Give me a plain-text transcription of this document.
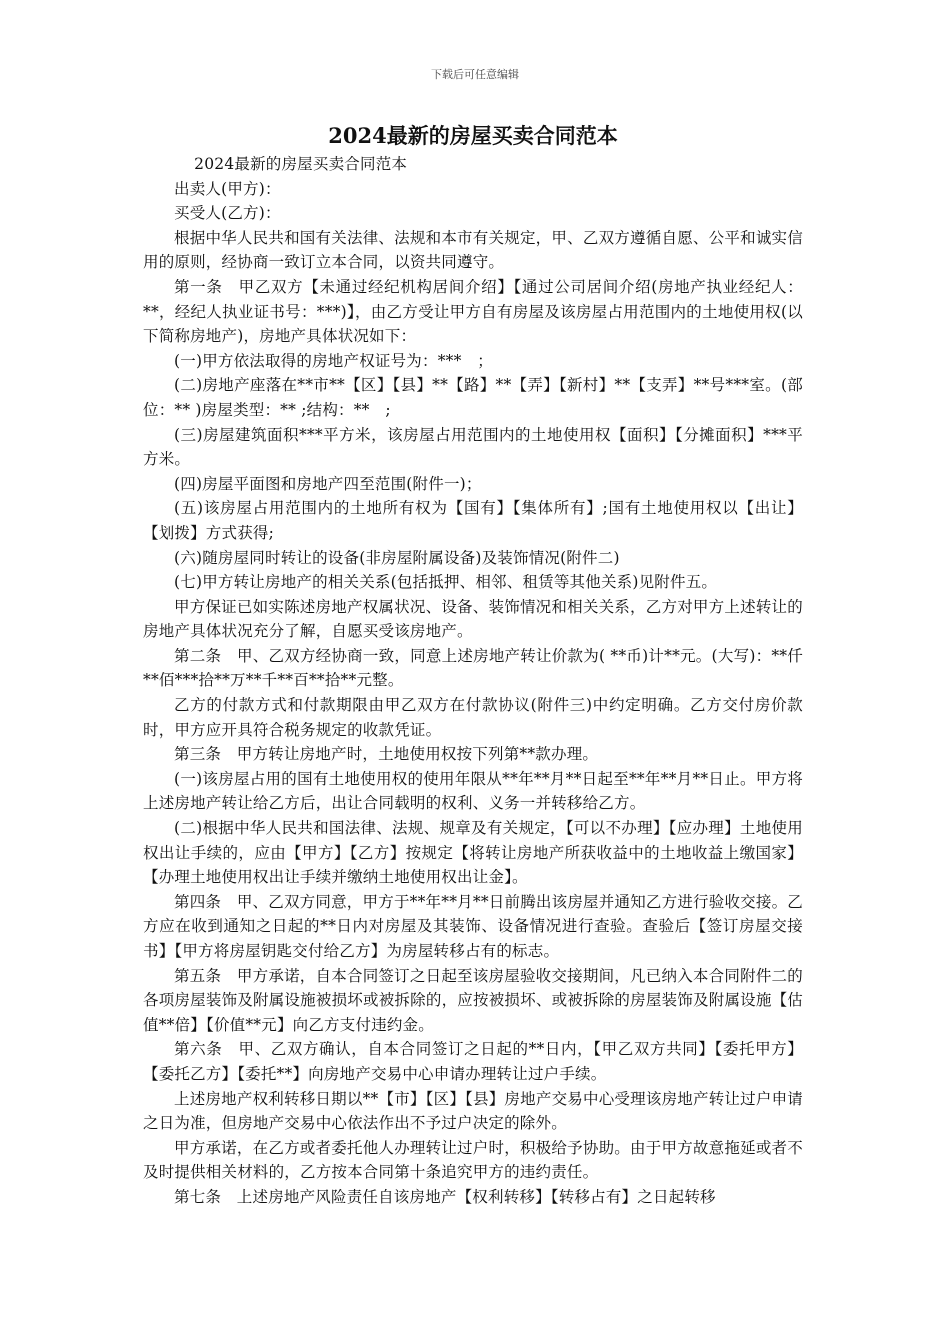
下载后可任意编辑
2024最新的房屋买卖合同范本

2024最新的房屋买卖合同范本

出卖人(甲方)：

买受人(乙方)：

根据中华人民共和国有关法律、法规和本市有关规定，甲、乙双方遵循自愿、公平和诚实信用的原则，经协商一致订立本合同，以资共同遵守。

第一条　甲乙双方【未通过经纪机构居间介绍】【通过公司居间介绍(房地产执业经纪人：**，经纪人执业证书号：***)】，由乙方受让甲方自有房屋及该房屋占用范围内的土地使用权(以下简称房地产)，房地产具体状况如下：

(一)甲方依法取得的房地产权证号为：***　；

(二)房地产座落在**市**【区】【县】**【路】**【弄】【新村】**【支弄】**号***室。(部位：** )房屋类型：** ;结构：**　;

(三)房屋建筑面积***平方米，该房屋占用范围内的土地使用权【面积】【分摊面积】***平方米。

(四)房屋平面图和房地产四至范围(附件一)；

(五)该房屋占用范围内的土地所有权为【国有】【集体所有】;国有土地使用权以【出让】【划拨】方式获得;

(六)随房屋同时转让的设备(非房屋附属设备)及装饰情况(附件二)

(七)甲方转让房地产的相关关系(包括抵押、相邻、租赁等其他关系)见附件五。

甲方保证已如实陈述房地产权属状况、设备、装饰情况和相关关系，乙方对甲方上述转让的房地产具体状况充分了解，自愿买受该房地产。

第二条　甲、乙双方经协商一致，同意上述房地产转让价款为( **币)计**元。(大写)：**仟**佰***拾**万**千**百**拾**元整。

乙方的付款方式和付款期限由甲乙双方在付款协议(附件三)中约定明确。乙方交付房价款时，甲方应开具符合税务规定的收款凭证。

第三条　甲方转让房地产时，土地使用权按下列第**款办理。

(一)该房屋占用的国有土地使用权的使用年限从**年**月**日起至**年**月**日止。甲方将上述房地产转让给乙方后，出让合同载明的权利、义务一并转移给乙方。

(二)根据中华人民共和国法律、法规、规章及有关规定，【可以不办理】【应办理】土地使用权出让手续的，应由【甲方】【乙方】按规定【将转让房地产所获收益中的土地收益上缴国家】【办理土地使用权出让手续并缴纳土地使用权出让金】。

第四条　甲、乙双方同意，甲方于**年**月**日前腾出该房屋并通知乙方进行验收交接。乙方应在收到通知之日起的**日内对房屋及其装饰、设备情况进行查验。查验后【签订房屋交接书】【甲方将房屋钥匙交付给乙方】为房屋转移占有的标志。

第五条　甲方承诺，自本合同签订之日起至该房屋验收交接期间，凡已纳入本合同附件二的各项房屋装饰及附属设施被损坏或被拆除的，应按被损坏、或被拆除的房屋装饰及附属设施【估值**倍】【价值**元】向乙方支付违约金。

第六条　甲、乙双方确认，自本合同签订之日起的**日内，【甲乙双方共同】【委托甲方】【委托乙方】【委托**】向房地产交易中心申请办理转让过户手续。

上述房地产权利转移日期以**【市】【区】【县】房地产交易中心受理该房地产转让过户申请之日为准，但房地产交易中心依法作出不予过户决定的除外。

甲方承诺，在乙方或者委托他人办理转让过户时，积极给予协助。由于甲方故意拖延或者不及时提供相关材料的，乙方按本合同第十条追究甲方的违约责任。

第七条　上述房地产风险责任自该房地产【权利转移】【转移占有】之日起转移
